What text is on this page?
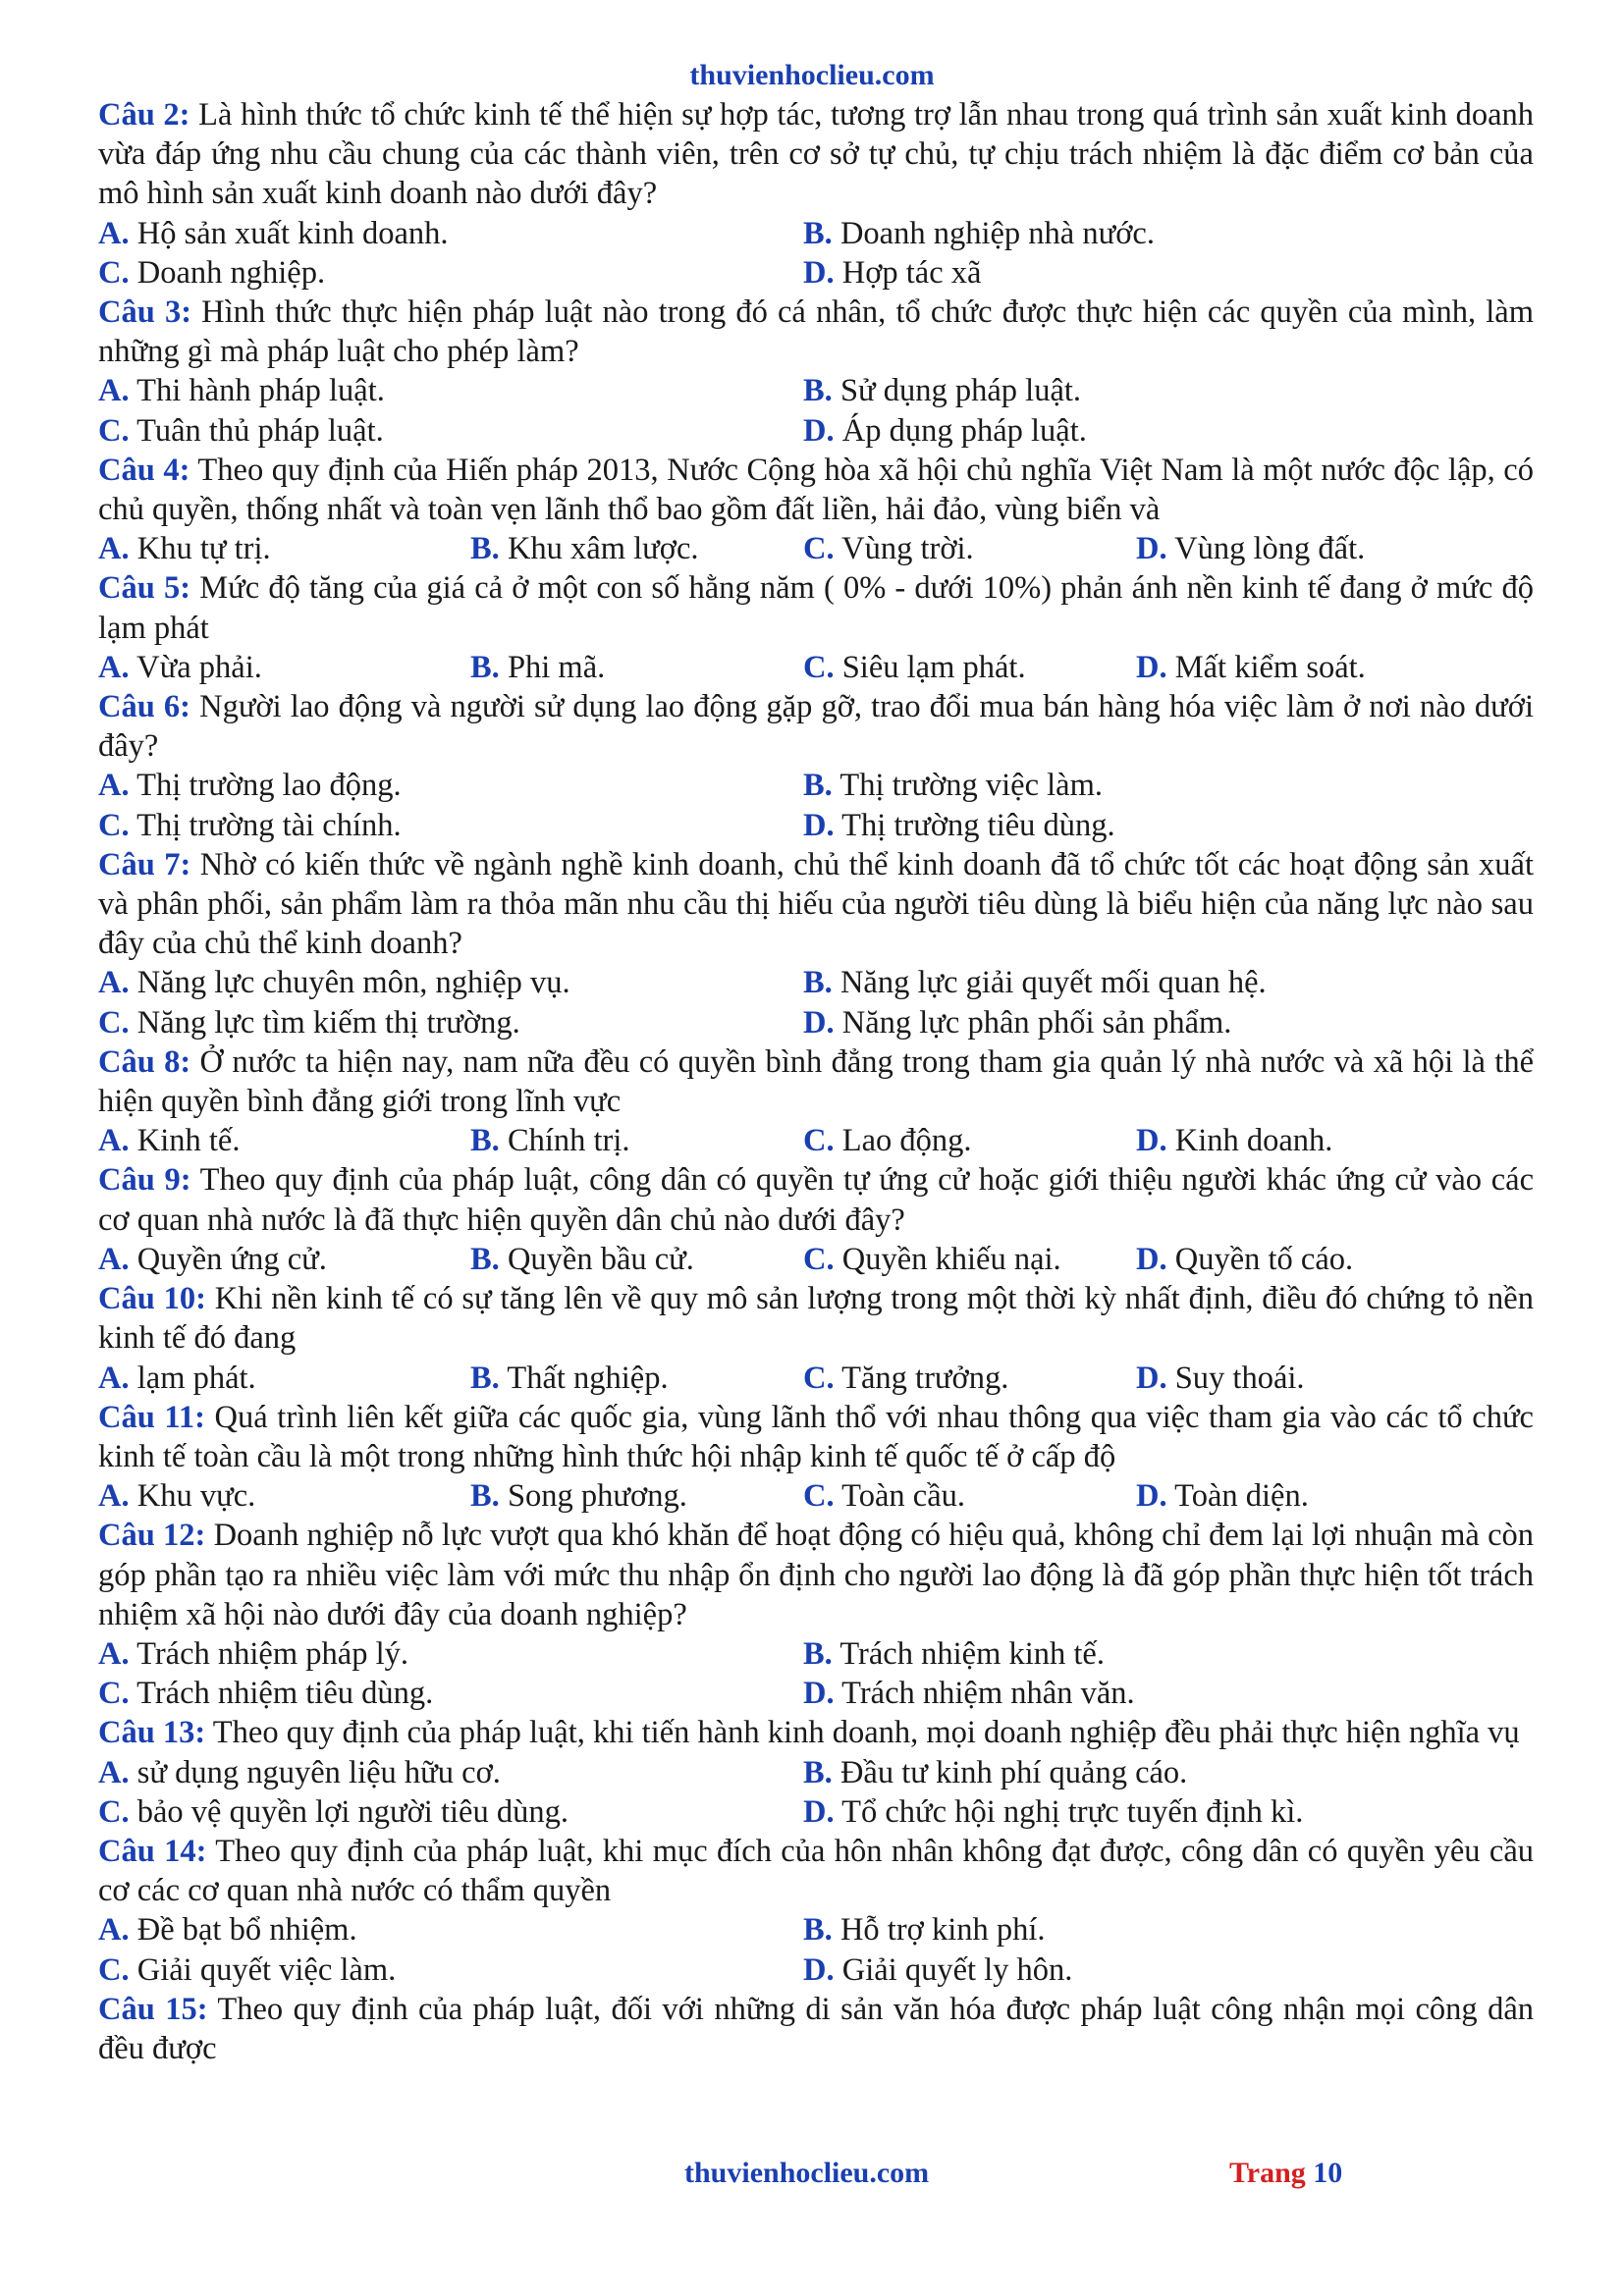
thuvienhoclieu.com

Câu 2: Là hình thức tổ chức kinh tế thể hiện sự hợp tác, tương trợ lẫn nhau trong quá trình sản xuất kinh doanh vừa đáp ứng nhu cầu chung của các thành viên, trên cơ sở tự chủ, tự chịu trách nhiệm là đặc điểm cơ bản của mô hình sản xuất kinh doanh nào dưới đây?

A. Hộ sản xuất kinh doanh.	B. Doanh nghiệp nhà nước.
C. Doanh nghiệp.	D. Hợp tác xã

Câu 3: Hình thức thực hiện pháp luật nào trong đó cá nhân, tổ chức được thực hiện các quyền của mình, làm những gì mà pháp luật cho phép làm?

A. Thi hành pháp luật.	B. Sử dụng pháp luật.
C. Tuân thủ pháp luật.	D. Áp dụng pháp luật.

Câu 4: Theo quy định của Hiến pháp 2013, Nước Cộng hòa xã hội chủ nghĩa Việt Nam là một nước độc lập, có chủ quyền, thống nhất và toàn vẹn lãnh thổ bao gồm đất liền, hải đảo, vùng biển và

A. Khu tự trị.	B. Khu xâm lược.	C. Vùng trời.	D. Vùng lòng đất.

Câu 5: Mức độ tăng của giá cả ở một con số hằng năm ( 0% - dưới 10%) phản ánh nền kinh tế đang ở mức độ lạm phát

A. Vừa phải.	B. Phi mã.	C. Siêu lạm phát.	D. Mất kiểm soát.

Câu 6: Người lao động và người sử dụng lao động gặp gỡ, trao đổi mua bán hàng hóa việc làm ở nơi nào dưới đây?

A. Thị trường lao động.	B. Thị trường việc làm.
C. Thị trường tài chính.	D. Thị trường tiêu dùng.

Câu 7: Nhờ có kiến thức về ngành nghề kinh doanh, chủ thể kinh doanh đã tổ chức tốt các hoạt động sản xuất và phân phối, sản phẩm làm ra thỏa mãn nhu cầu thị hiếu của người tiêu dùng là biểu hiện của năng lực nào sau đây của chủ thể kinh doanh?

A. Năng lực chuyên môn, nghiệp vụ.	B. Năng lực giải quyết mối quan hệ.
C. Năng lực tìm kiếm thị trường.	D. Năng lực phân phối sản phẩm.

Câu 8: Ở nước ta hiện nay, nam nữa đều có quyền bình đẳng trong tham gia quản lý nhà nước và xã hội là thể hiện quyền bình đẳng giới trong lĩnh vực

A. Kinh tế.	B. Chính trị.	C. Lao động.	D. Kinh doanh.

Câu 9: Theo quy định của pháp luật, công dân có quyền tự ứng cử hoặc giới thiệu người khác ứng cử vào các cơ quan nhà nước là đã thực hiện quyền dân chủ nào dưới đây?

A. Quyền ứng cử.	B. Quyền bầu cử.	C. Quyền khiếu nại.	D. Quyền tố cáo.

Câu 10: Khi nền kinh tế có sự tăng lên về quy mô sản lượng trong một thời kỳ nhất định, điều đó chứng tỏ nền kinh tế đó đang

A. lạm phát.	B. Thất nghiệp.	C. Tăng trưởng.	D. Suy thoái.

Câu 11: Quá trình liên kết giữa các quốc gia, vùng lãnh thổ với nhau thông qua việc tham gia vào các tổ chức kinh tế toàn cầu là một trong những hình thức hội nhập kinh tế quốc tế ở cấp độ

A. Khu vực.	B. Song phương.	C. Toàn cầu.	D. Toàn diện.

Câu 12: Doanh nghiệp nỗ lực vượt qua khó khăn để hoạt động có hiệu quả, không chỉ đem lại lợi nhuận mà còn góp phần tạo ra nhiều việc làm với mức thu nhập ổn định cho người lao động là đã góp phần thực hiện tốt trách nhiệm xã hội nào dưới đây của doanh nghiệp?

A. Trách nhiệm pháp lý.	B. Trách nhiệm kinh tế.
C. Trách nhiệm tiêu dùng.	D. Trách nhiệm nhân văn.

Câu 13: Theo quy định của pháp luật, khi tiến hành kinh doanh, mọi doanh nghiệp đều phải thực hiện nghĩa vụ

A. sử dụng nguyên liệu hữu cơ.	B. Đầu tư kinh phí quảng cáo.
C. bảo vệ quyền lợi người tiêu dùng.	D. Tổ chức hội nghị trực tuyến định kì.

Câu 14: Theo quy định của pháp luật, khi mục đích của hôn nhân không đạt được, công dân có quyền yêu cầu cơ các cơ quan nhà nước có thẩm quyền

A. Đề bạt bổ nhiệm.	B. Hỗ trợ kinh phí.
C. Giải quyết việc làm.	D. Giải quyết ly hôn.

Câu 15: Theo quy định của pháp luật, đối với những di sản văn hóa được pháp luật công nhận mọi công dân đều được

thuvienhoclieu.com	Trang 10
